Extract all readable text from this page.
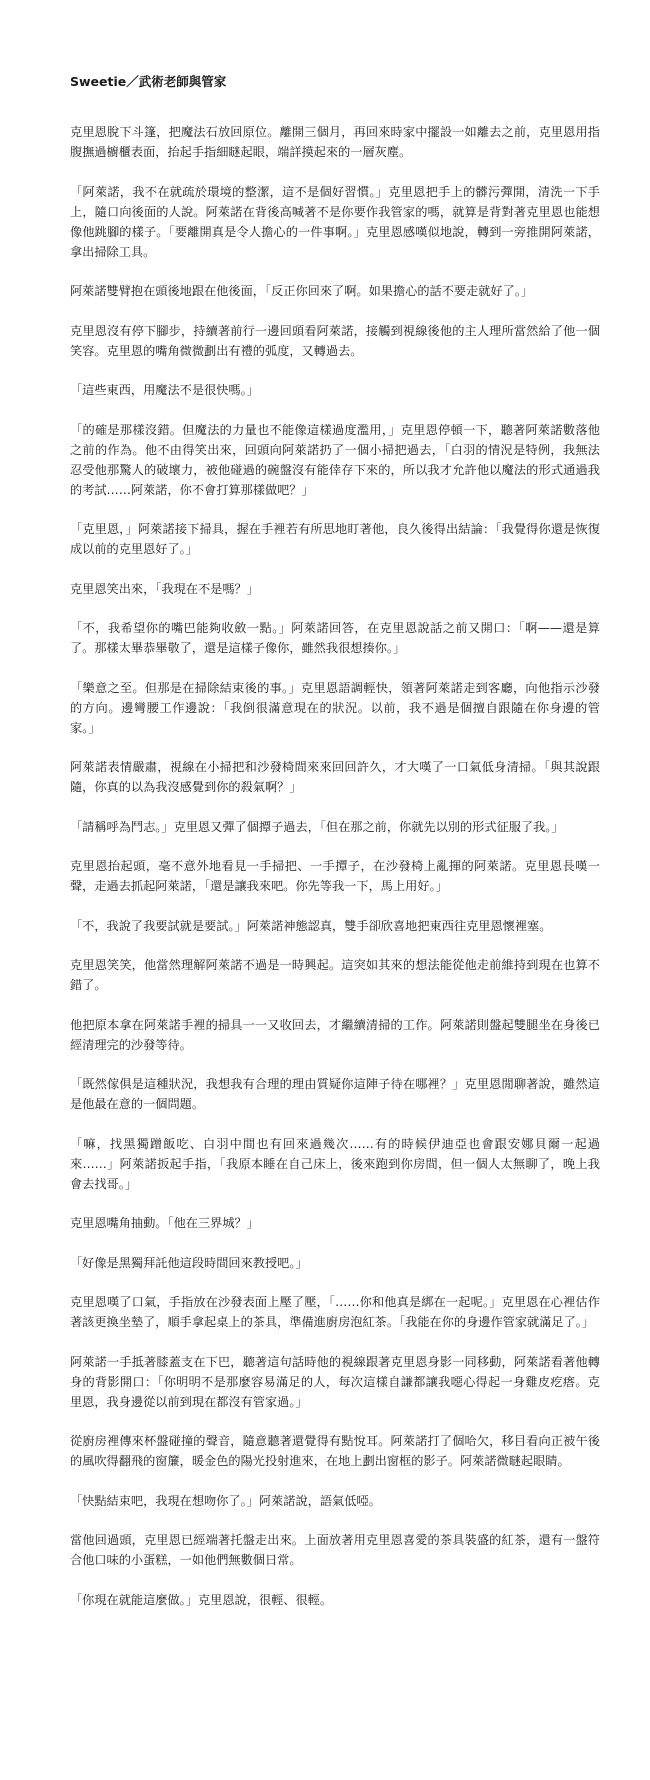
Sweetie／武術老師與管家

克里恩脫下斗篷，把魔法石放回原位。離開三個月，再回來時家中擺設一如離去之前，克里恩用指腹撫過櫥櫃表面，抬起手指細瞇起眼，端詳摸起來的一層灰塵。

「阿萊諾，我不在就疏於環境的整潔，這不是個好習慣。」克里恩把手上的髒污彈開，清洗一下手上，隨口向後面的人說。阿萊諾在背後高喊著不是你要作我管家的嗎，就算是背對著克里恩也能想像他跳腳的樣子。「要離開真是令人擔心的一件事啊。」克里恩感嘆似地說，轉到一旁推開阿萊諾，拿出掃除工具。

阿萊諾雙臂抱在頭後地跟在他後面，「反正你回來了啊。如果擔心的話不要走就好了。」

克里恩沒有停下腳步，持續著前行一邊回頭看阿萊諾，接觸到視線後他的主人理所當然給了他一個笑容。克里恩的嘴角微微劃出有禮的弧度，又轉過去。

「這些東西，用魔法不是很快嗎。」

「的確是那樣沒錯。但魔法的力量也不能像這樣過度濫用，」克里恩停頓一下，聽著阿萊諾數落他之前的作為。他不由得笑出來，回頭向阿萊諾扔了一個小掃把過去，「白羽的情況是特例，我無法忍受他那驚人的破壞力，被他碰過的碗盤沒有能倖存下來的，所以我才允許他以魔法的形式通過我的考試……阿萊諾，你不會打算那樣做吧？」

「克里恩，」阿萊諾接下掃具，握在手裡若有所思地盯著他，良久後得出結論：「我覺得你還是恢復成以前的克里恩好了。」

克里恩笑出來，「我現在不是嗎？」

「不，我希望你的嘴巴能夠收斂一點。」阿萊諾回答，在克里恩說話之前又開口：「啊——還是算了。那樣太畢恭畢敬了，還是這樣子像你，雖然我很想揍你。」

「樂意之至。但那是在掃除結束後的事。」克里恩語調輕快，領著阿萊諾走到客廳，向他指示沙發的方向。邊彎腰工作邊說：「我倒很滿意現在的狀況。以前，我不過是個擅自跟隨在你身邊的管家。」

阿萊諾表情嚴肅，視線在小掃把和沙發椅間來來回回許久，才大嘆了一口氣低身清掃。「與其說跟隨，你真的以為我沒感覺到你的殺氣啊？」

「請稱呼為鬥志。」克里恩又彈了個撢子過去，「但在那之前，你就先以別的形式征服了我。」

克里恩抬起頭，毫不意外地看見一手掃把、一手撢子，在沙發椅上亂揮的阿萊諾。克里恩長嘆一聲，走過去抓起阿萊諾，「還是讓我來吧。你先等我一下，馬上用好。」

「不，我說了我要試就是要試。」阿萊諾神態認真，雙手卻欣喜地把東西往克里恩懷裡塞。

克里恩笑笑，他當然理解阿萊諾不過是一時興起。這突如其來的想法能從他走前維持到現在也算不錯了。

他把原本拿在阿萊諾手裡的掃具一一又收回去，才繼續清掃的工作。阿萊諾則盤起雙腿坐在身後已經清理完的沙發等待。

「既然傢俱是這種狀況，我想我有合理的理由質疑你這陣子待在哪裡？」克里恩閒聊著說，雖然這是他最在意的一個問題。

「嘛，找黑獨蹭飯吃、白羽中間也有回來過幾次……有的時候伊迪亞也會跟安娜貝爾一起過來……」阿萊諾扳起手指，「我原本睡在自己床上，後來跑到你房間，但一個人太無聊了，晚上我會去找哥。」

克里恩嘴角抽動。「他在三界城？」

「好像是黑獨拜託他這段時間回來教授吧。」

克里恩嘆了口氣，手指放在沙發表面上壓了壓，「……你和他真是綁在一起呢。」克里恩在心裡估作著該更換坐墊了，順手拿起桌上的茶具，準備進廚房泡紅茶。「我能在你的身邊作管家就滿足了。」

阿萊諾一手抵著膝蓋支在下巴，聽著這句話時他的視線跟著克里恩身影一同移動，阿萊諾看著他轉身的背影開口：「你明明不是那麼容易滿足的人，每次這樣自謙都讓我噁心得起一身雞皮疙瘩。克里恩，我身邊從以前到現在都沒有管家過。」

從廚房裡傳來杯盤碰撞的聲音，隨意聽著還覺得有點悅耳。阿萊諾打了個哈欠，移目看向正被午後的風吹得翻飛的窗簾，暖金色的陽光投射進來，在地上劃出窗框的影子。阿萊諾微瞇起眼睛。

「快點結束吧，我現在想吻你了。」阿萊諾說，語氣低啞。

當他回過頭，克里恩已經端著托盤走出來。上面放著用克里恩喜愛的茶具裝盛的紅茶，還有一盤符合他口味的小蛋糕，一如他們無數個日常。

「你現在就能這麼做。」克里恩說，很輕、很輕。
